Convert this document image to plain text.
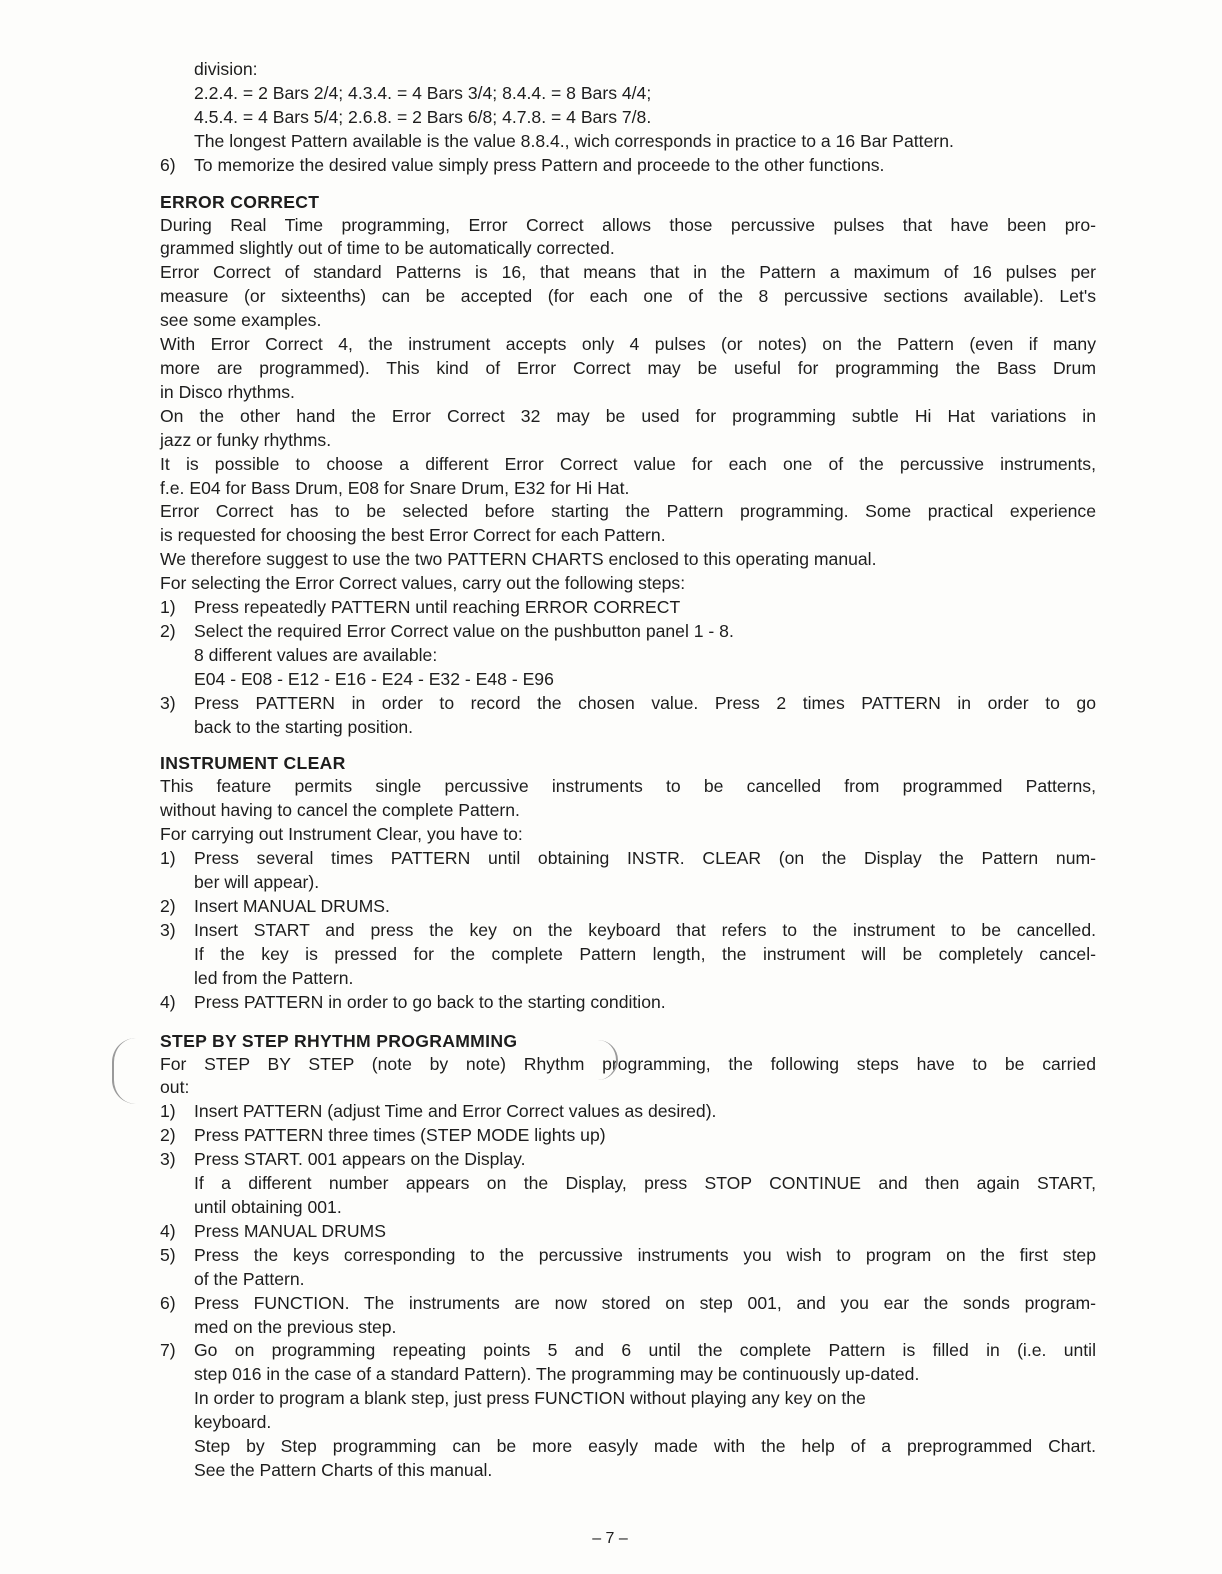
division:
2.2.4. = 2 Bars 2/4; 4.3.4. = 4 Bars 3/4; 8.4.4. = 8 Bars 4/4;
4.5.4. = 4 Bars 5/4; 2.6.8. = 2 Bars 6/8; 4.7.8. = 4 Bars 7/8.
The longest Pattern available is the value 8.8.4., wich corresponds in practice to a 16 Bar Pattern.
6) To memorize the desired value simply press Pattern and proceede to the other functions.
ERROR CORRECT
During Real Time programming, Error Correct allows those percussive pulses that have been pro-
grammed slightly out of time to be automatically corrected.
Error Correct of standard Patterns is 16, that means that in the Pattern a maximum of 16 pulses per
measure (or sixteenths) can be accepted (for each one of the 8 percussive sections available). Let's
see some examples.
With Error Correct 4, the instrument accepts only 4 pulses (or notes) on the Pattern (even if many
more are programmed). This kind of Error Correct may be useful for programming the Bass Drum
in Disco rhythms.
On the other hand the Error Correct 32 may be used for programming subtle Hi Hat variations in
jazz or funky rhythms.
It is possible to choose a different Error Correct value for each one of the percussive instruments,
f.e. E04 for Bass Drum, E08 for Snare Drum, E32 for Hi Hat.
Error Correct has to be selected before starting the Pattern programming. Some practical experience
is requested for choosing the best Error Correct for each Pattern.
We therefore suggest to use the two PATTERN CHARTS enclosed to this operating manual.
For selecting the Error Correct values, carry out the following steps:
1) Press repeatedly PATTERN until reaching ERROR CORRECT
2) Select the required Error Correct value on the pushbutton panel 1 - 8.
8 different values are available:
E04 - E08 - E12 - E16 - E24 - E32 - E48 - E96
3) Press PATTERN in order to record the chosen value. Press 2 times PATTERN in order to go
back to the starting position.
INSTRUMENT CLEAR
This feature permits single percussive instruments to be cancelled from programmed Patterns,
without having to cancel the complete Pattern.
For carrying out Instrument Clear, you have to:
1) Press several times PATTERN until obtaining INSTR. CLEAR (on the Display the Pattern num-
ber will appear).
2) Insert MANUAL DRUMS.
3) Insert START and press the key on the keyboard that refers to the instrument to be cancelled.
If the key is pressed for the complete Pattern length, the instrument will be completely cancel-
led from the Pattern.
4) Press PATTERN in order to go back to the starting condition.
STEP BY STEP RHYTHM PROGRAMMING
For STEP BY STEP (note by note) Rhythm programming, the following steps have to be carried
out:
1) Insert PATTERN (adjust Time and Error Correct values as desired).
2) Press PATTERN three times (STEP MODE lights up)
3) Press START. 001 appears on the Display.
If a different number appears on the Display, press STOP CONTINUE and then again START,
until obtaining 001.
4) Press MANUAL DRUMS
5) Press the keys corresponding to the percussive instruments you wish to program on the first step
of the Pattern.
6) Press FUNCTION. The instruments are now stored on step 001, and you ear the sonds program-
med on the previous step.
7) Go on programming repeating points 5 and 6 until the complete Pattern is filled in (i.e. until
step 016 in the case of a standard Pattern). The programming may be continuously up-dated.
In order to program a blank step, just press FUNCTION without playing any key on the
keyboard.
Step by Step programming can be more easyly made with the help of a preprogrammed Chart.
See the Pattern Charts of this manual.
– 7 –
